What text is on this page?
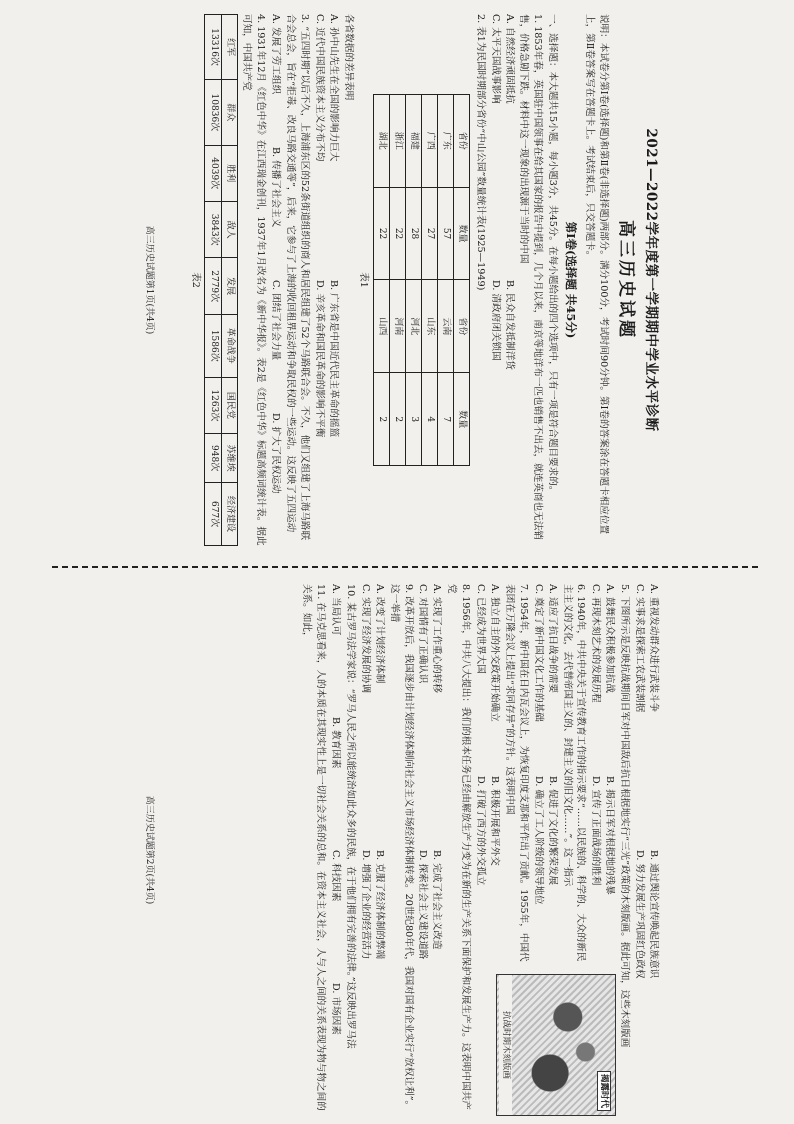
2021—2022学年度第一学期期中学业水平诊断
高三历史试题

说明：本试卷分第Ⅰ卷(选择题)和第Ⅱ卷(非选择题)两部分。满分100分，考试时间90分钟。第Ⅰ卷的答案涂在答题卡相应位置上，第Ⅱ卷答案写在答题卡上。考试结束后，只交答题卡。

第Ⅰ卷(选择题 共45分)

一、选择题：本大题共15小题，每小题3分，共45分。在每小题给出的四个选项中，只有一项是符合题目要求的。

1. 1853年春，英国驻中国领事在给其国家的报告中提到，几个月以来，南京等地洋布一匹也销售不出去，就连英商也无法销售，价格急剧下跌。材料中这一现象的出现源于当时的中国

A. 自然经济顽固抵抗
B. 民众自发抵制洋货
C. 太平天国战事影响
D. 清政府闭关锁国

2. 表1为民国时期部分省份“中山公园”数量统计表(1925—1949)

省份	数量	省份	数量
广东	57	云南	7
广西	27	山东	4
福建	28	河北	3
浙江	22	河南	2
湖北	22	山西	2
表1

各省数据的差异表明

A. 孙中山先生在全国的影响力巨大
B. 广东省是中国近代民主革命的摇篮
C. 近代中国民族资本主义分布不均
D. 辛亥革命和国民革命的影响不平衡

3. “五四时期”以后不久，上海浦东区的52条街道组织的商人和居民组建了52个马路联合会。不久，他们又组建了上海马路联合会总会，旨在“拒毒、改良马路交通等”，后来，它参与了上海的收回租界运动和争取民权的一些运动。这反映了五四运动

A. 发展了劳工组织
B. 传播了社会主义
C. 团结了社会力量
D. 扩大了民权运动

4. 1931年12月《红色中华》在江西瑞金创刊，1937年1月改名为《新中华报》。表2是《红色中华》标题高频词统计表。据此可知，中国共产党

红军	群众	胜利	敌人	发展	革命战争	国民党	苏维埃	经济建设
13316次	10836次	4039次	3843次	2779次	1586次	1263次	948次	677次
表2
高三历史试题第1页(共4页)
A. 重视发动群众进行武装斗争
B. 通过舆论宣传唤起民族意识
C. 实事求是探索工农武装割据
D. 努力发展生产巩固红色政权

5. 下图所示是反映抗战期间日军对中国敌后抗日根据地实行“三光”政策的木刻版画。据此可知，这些木刻版画

揭露时代
抗战时期木刻版画
A. 鼓舞民众积极参加抗战
B. 揭示日军对根据地的残暴
C. 再现木刻艺术的发展历程
D. 宣传了正面战场的胜利

6. 1940年，中共中央关于宣传教育工作的指示要求“……以民族的、科学的、大众的新民主主义的文化，去代替帝国主义的、封建主义的旧文化……”。这一指示

A. 适应了抗日战争的需要
B. 促进了文化的繁荣发展
C. 奠定了新中国文化工作的基础
D. 确立了工人阶级的领导地位

7. 1954年，新中国在日内瓦会议上，为恢复印度支那和平作出了贡献。1955年，中国代表团在万隆会议上提出“求同存异”的方针。这表明中国

A. 独立自主的外交政策开始确立
B. 积极开展和平外交
C. 已经成为世界大国
D. 打破了西方的外交孤立

8. 1956年，中共八大提出：我们的根本任务已经由解放生产力变为在新的生产关系下面保护和发展生产力。这表明中国共产党

A. 实现了工作重心的转移
B. 完成了社会主义改造
C. 对国情有了正确认识
D. 探索社会主义建设道路

9. 改革开放后，我国逐步由计划经济体制向社会主义市场经济体制转变。20世纪80年代，我国对国有企业实行“放权让利”。这一举措

A. 改变了计划经济体制
B. 克服了经济体制的弊端
C. 实现了经济发展的协调
D. 增强了企业的经营活力

10. 某古罗马法学家说：“罗马人民之所以能统治如此众多的民族，在于他们拥有完善的法律。”这反映出罗马法

A. 当局认可
B. 教育因素
C. 科技因素
D. 市场因素

11. 在马克思看来，人的本质在其现实性上是一切社会关系的总和。在资本主义社会，人与人之间的关系表现为物与物之间的关系。如此，

高三历史试题第2页(共4页)
